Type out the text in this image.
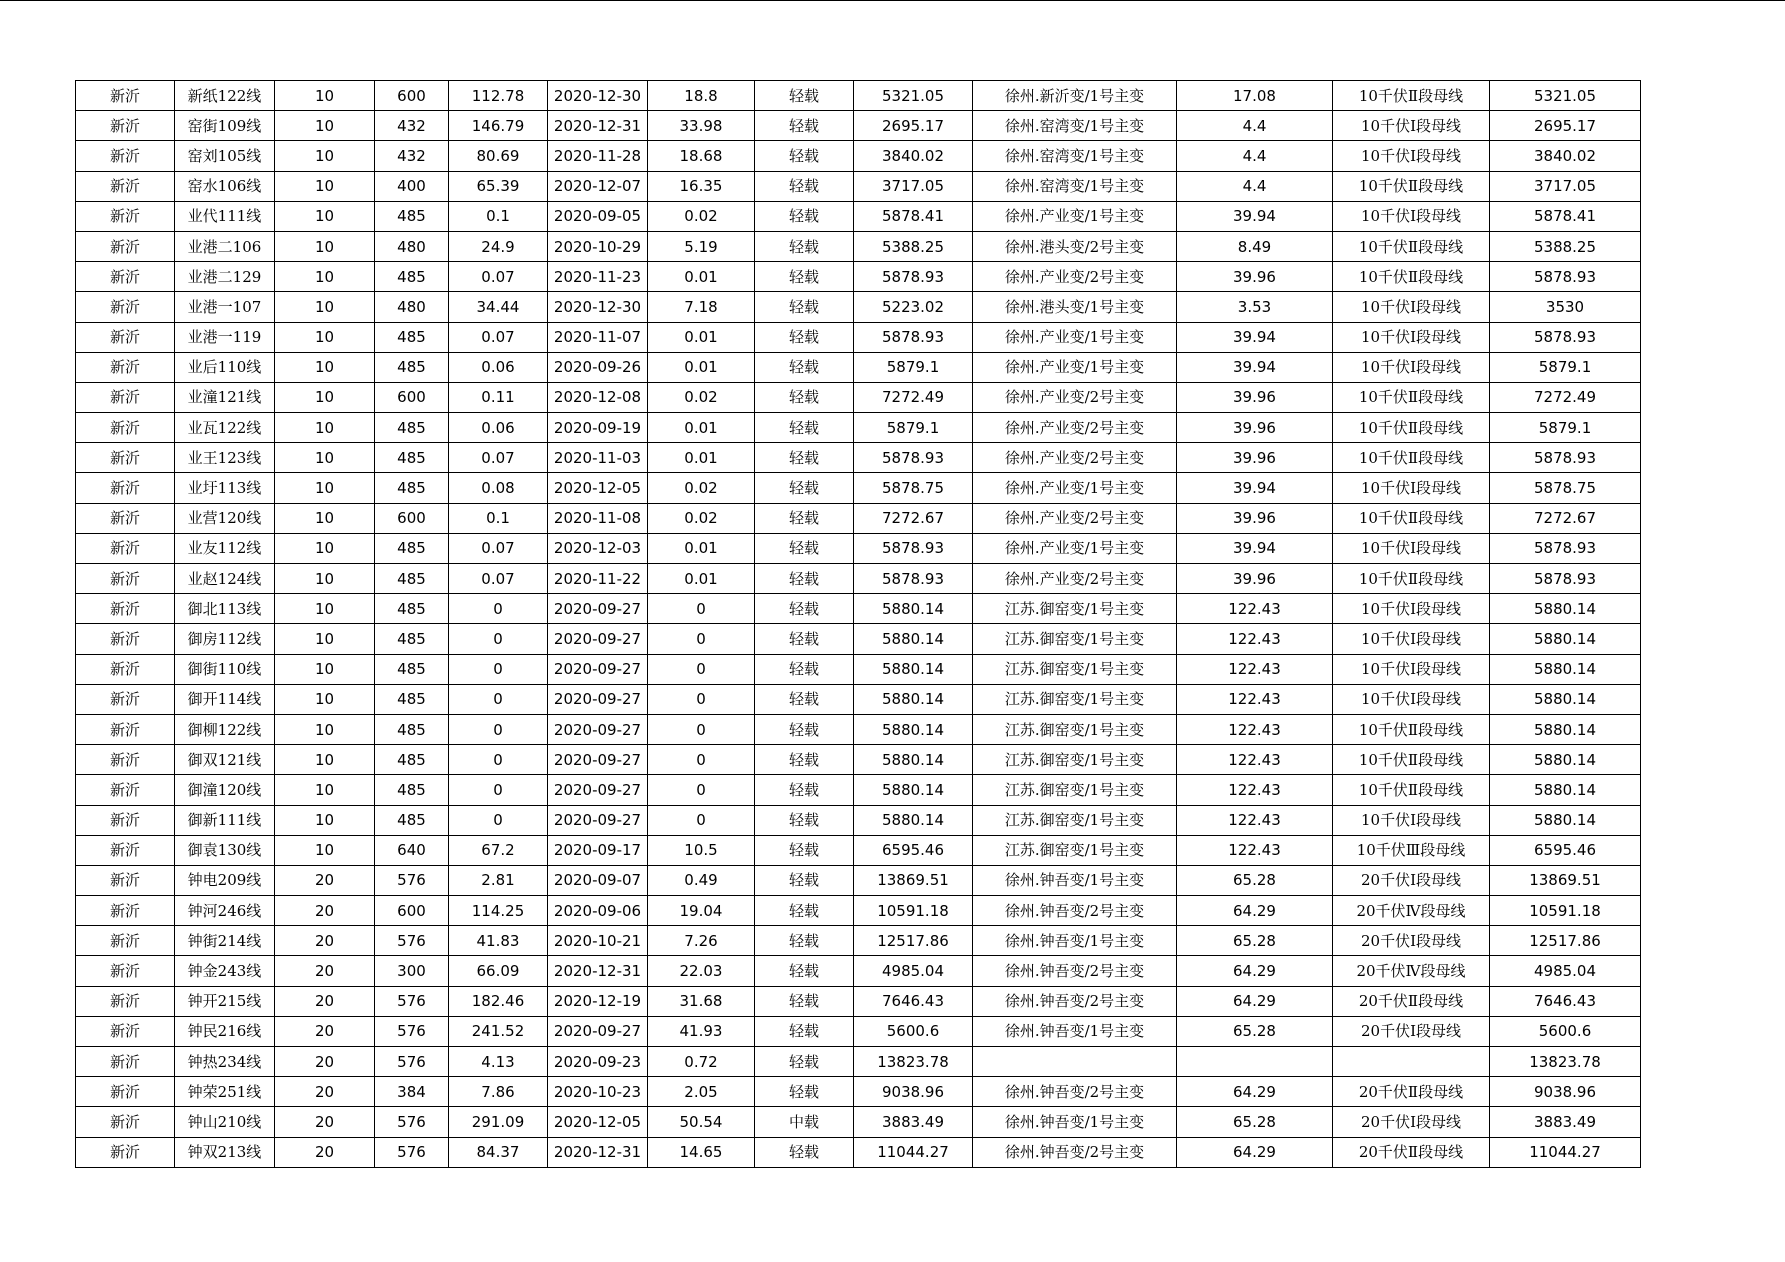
新沂	新纸122线	10	600	112.78	2020-12-30	18.8	轻载	5321.05	徐州.新沂变/1号主变	17.08	10千伏Ⅱ段母线	5321.05
新沂	窑街109线	10	432	146.79	2020-12-31	33.98	轻载	2695.17	徐州.窑湾变/1号主变	4.4	10千伏Ⅰ段母线	2695.17
新沂	窑刘105线	10	432	80.69	2020-11-28	18.68	轻载	3840.02	徐州.窑湾变/1号主变	4.4	10千伏Ⅰ段母线	3840.02
新沂	窑水106线	10	400	65.39	2020-12-07	16.35	轻载	3717.05	徐州.窑湾变/1号主变	4.4	10千伏Ⅱ段母线	3717.05
新沂	业代111线	10	485	0.1	2020-09-05	0.02	轻载	5878.41	徐州.产业变/1号主变	39.94	10千伏Ⅰ段母线	5878.41
新沂	业港二106	10	480	24.9	2020-10-29	5.19	轻载	5388.25	徐州.港头变/2号主变	8.49	10千伏Ⅱ段母线	5388.25
新沂	业港二129	10	485	0.07	2020-11-23	0.01	轻载	5878.93	徐州.产业变/2号主变	39.96	10千伏Ⅱ段母线	5878.93
新沂	业港一107	10	480	34.44	2020-12-30	7.18	轻载	5223.02	徐州.港头变/1号主变	3.53	10千伏Ⅰ段母线	3530
新沂	业港一119	10	485	0.07	2020-11-07	0.01	轻载	5878.93	徐州.产业变/1号主变	39.94	10千伏Ⅰ段母线	5878.93
新沂	业后110线	10	485	0.06	2020-09-26	0.01	轻载	5879.1	徐州.产业变/1号主变	39.94	10千伏Ⅰ段母线	5879.1
新沂	业潼121线	10	600	0.11	2020-12-08	0.02	轻载	7272.49	徐州.产业变/2号主变	39.96	10千伏Ⅱ段母线	7272.49
新沂	业瓦122线	10	485	0.06	2020-09-19	0.01	轻载	5879.1	徐州.产业变/2号主变	39.96	10千伏Ⅱ段母线	5879.1
新沂	业王123线	10	485	0.07	2020-11-03	0.01	轻载	5878.93	徐州.产业变/2号主变	39.96	10千伏Ⅱ段母线	5878.93
新沂	业圩113线	10	485	0.08	2020-12-05	0.02	轻载	5878.75	徐州.产业变/1号主变	39.94	10千伏Ⅰ段母线	5878.75
新沂	业营120线	10	600	0.1	2020-11-08	0.02	轻载	7272.67	徐州.产业变/2号主变	39.96	10千伏Ⅱ段母线	7272.67
新沂	业友112线	10	485	0.07	2020-12-03	0.01	轻载	5878.93	徐州.产业变/1号主变	39.94	10千伏Ⅰ段母线	5878.93
新沂	业赵124线	10	485	0.07	2020-11-22	0.01	轻载	5878.93	徐州.产业变/2号主变	39.96	10千伏Ⅱ段母线	5878.93
新沂	御北113线	10	485	0	2020-09-27	0	轻载	5880.14	江苏.御窑变/1号主变	122.43	10千伏Ⅰ段母线	5880.14
新沂	御房112线	10	485	0	2020-09-27	0	轻载	5880.14	江苏.御窑变/1号主变	122.43	10千伏Ⅰ段母线	5880.14
新沂	御街110线	10	485	0	2020-09-27	0	轻载	5880.14	江苏.御窑变/1号主变	122.43	10千伏Ⅰ段母线	5880.14
新沂	御开114线	10	485	0	2020-09-27	0	轻载	5880.14	江苏.御窑变/1号主变	122.43	10千伏Ⅰ段母线	5880.14
新沂	御柳122线	10	485	0	2020-09-27	0	轻载	5880.14	江苏.御窑变/1号主变	122.43	10千伏Ⅱ段母线	5880.14
新沂	御双121线	10	485	0	2020-09-27	0	轻载	5880.14	江苏.御窑变/1号主变	122.43	10千伏Ⅱ段母线	5880.14
新沂	御潼120线	10	485	0	2020-09-27	0	轻载	5880.14	江苏.御窑变/1号主变	122.43	10千伏Ⅱ段母线	5880.14
新沂	御新111线	10	485	0	2020-09-27	0	轻载	5880.14	江苏.御窑变/1号主变	122.43	10千伏Ⅰ段母线	5880.14
新沂	御袁130线	10	640	67.2	2020-09-17	10.5	轻载	6595.46	江苏.御窑变/1号主变	122.43	10千伏Ⅲ段母线	6595.46
新沂	钟电209线	20	576	2.81	2020-09-07	0.49	轻载	13869.51	徐州.钟吾变/1号主变	65.28	20千伏Ⅰ段母线	13869.51
新沂	钟河246线	20	600	114.25	2020-09-06	19.04	轻载	10591.18	徐州.钟吾变/2号主变	64.29	20千伏Ⅳ段母线	10591.18
新沂	钟街214线	20	576	41.83	2020-10-21	7.26	轻载	12517.86	徐州.钟吾变/1号主变	65.28	20千伏Ⅰ段母线	12517.86
新沂	钟金243线	20	300	66.09	2020-12-31	22.03	轻载	4985.04	徐州.钟吾变/2号主变	64.29	20千伏Ⅳ段母线	4985.04
新沂	钟开215线	20	576	182.46	2020-12-19	31.68	轻载	7646.43	徐州.钟吾变/2号主变	64.29	20千伏Ⅱ段母线	7646.43
新沂	钟民216线	20	576	241.52	2020-09-27	41.93	轻载	5600.6	徐州.钟吾变/1号主变	65.28	20千伏Ⅰ段母线	5600.6
新沂	钟热234线	20	576	4.13	2020-09-23	0.72	轻载	13823.78				13823.78
新沂	钟荣251线	20	384	7.86	2020-10-23	2.05	轻载	9038.96	徐州.钟吾变/2号主变	64.29	20千伏Ⅱ段母线	9038.96
新沂	钟山210线	20	576	291.09	2020-12-05	50.54	中载	3883.49	徐州.钟吾变/1号主变	65.28	20千伏Ⅰ段母线	3883.49
新沂	钟双213线	20	576	84.37	2020-12-31	14.65	轻载	11044.27	徐州.钟吾变/2号主变	64.29	20千伏Ⅱ段母线	11044.27
